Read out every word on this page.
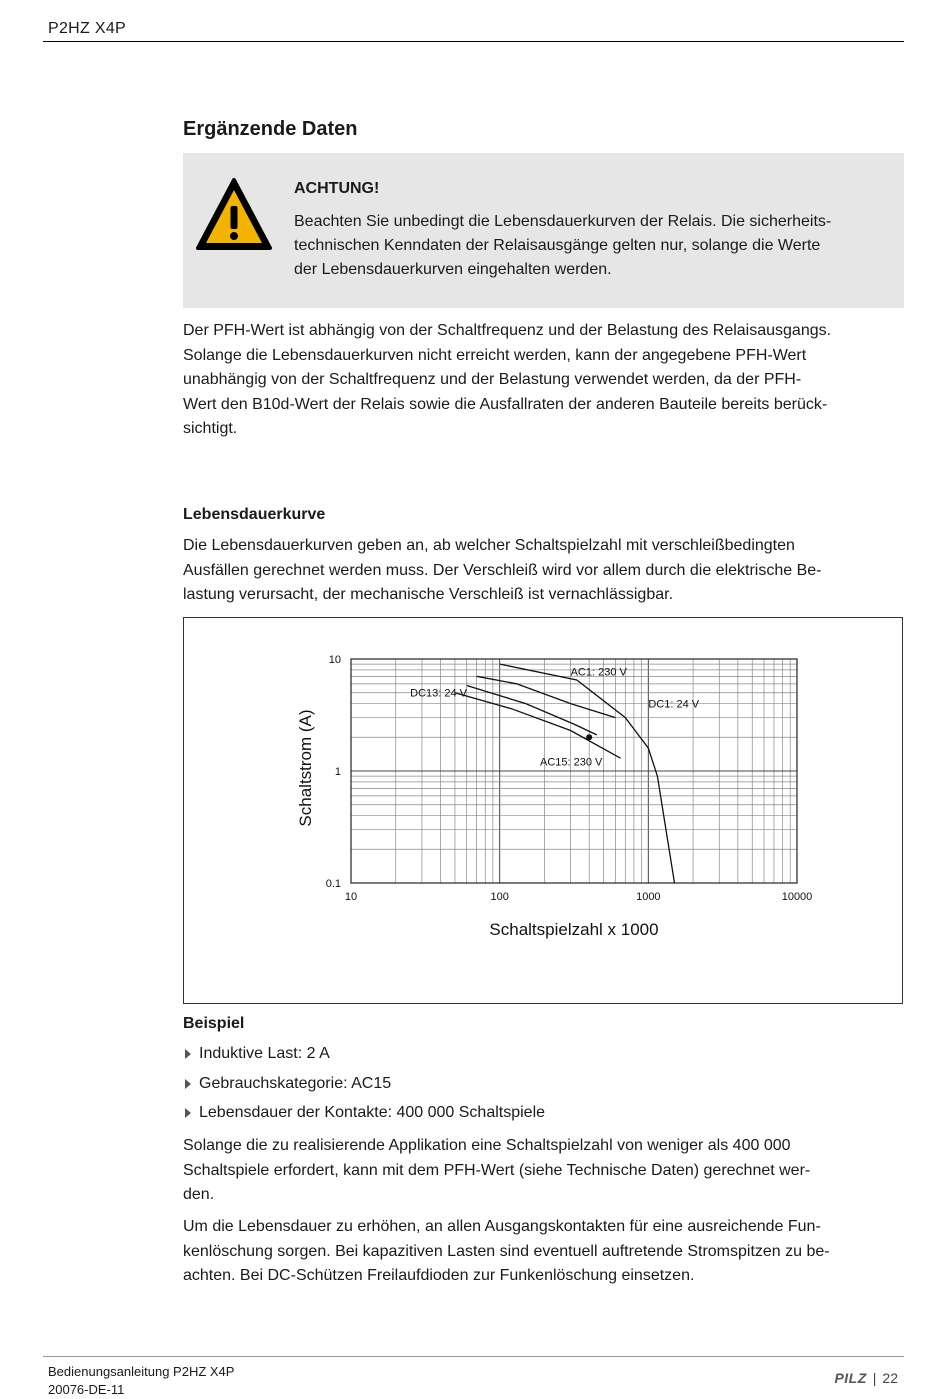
P2HZ X4P
Ergänzende Daten
ACHTUNG!
Beachten Sie unbedingt die Lebensdauerkurven der Relais. Die sicherheits-
technischen Kenndaten der Relaisausgänge gelten nur, solange die Werte
der Lebensdauerkurven eingehalten werden.
Der PFH-Wert ist abhängig von der Schaltfrequenz und der Belastung des Relaisausgangs.
Solange die Lebensdauerkurven nicht erreicht werden, kann der angegebene PFH-Wert
unabhängig von der Schaltfrequenz und der Belastung verwendet werden, da der PFH-
Wert den B10d-Wert der Relais sowie die Ausfallraten der anderen Bauteile bereits berück-
sichtigt.
Lebensdauerkurve
Die Lebensdauerkurven geben an, ab welcher Schaltspielzahl mit verschleißbedingten
Ausfällen gerechnet werden muss. Der Verschleiß wird vor allem durch die elektrische Be-
lastung verursacht, der mechanische Verschleiß ist vernachlässigbar.
10	100	1000	10000
10
1
0.1
Schaltspielzahl x 1000
Schaltstrom (A)
AC1: 230 V
DC1: 24 V
DC13: 24 V
AC15: 230 V
Beispiel
Induktive Last: 2 A
Gebrauchskategorie: AC15
Lebensdauer der Kontakte: 400 000 Schaltspiele
Solange die zu realisierende Applikation eine Schaltspielzahl von weniger als 400 000
Schaltspiele erfordert, kann mit dem PFH-Wert (siehe Technische Daten) gerechnet wer-
den.
Um die Lebensdauer zu erhöhen, an allen Ausgangskontakten für eine ausreichende Fun-
kenlöschung sorgen. Bei kapazitiven Lasten sind eventuell auftretende Stromspitzen zu be-
achten. Bei DC-Schützen Freilaufdioden zur Funkenlöschung einsetzen.
Bedienungsanleitung P2HZ X4P
20076-DE-11
PILZ | 22
